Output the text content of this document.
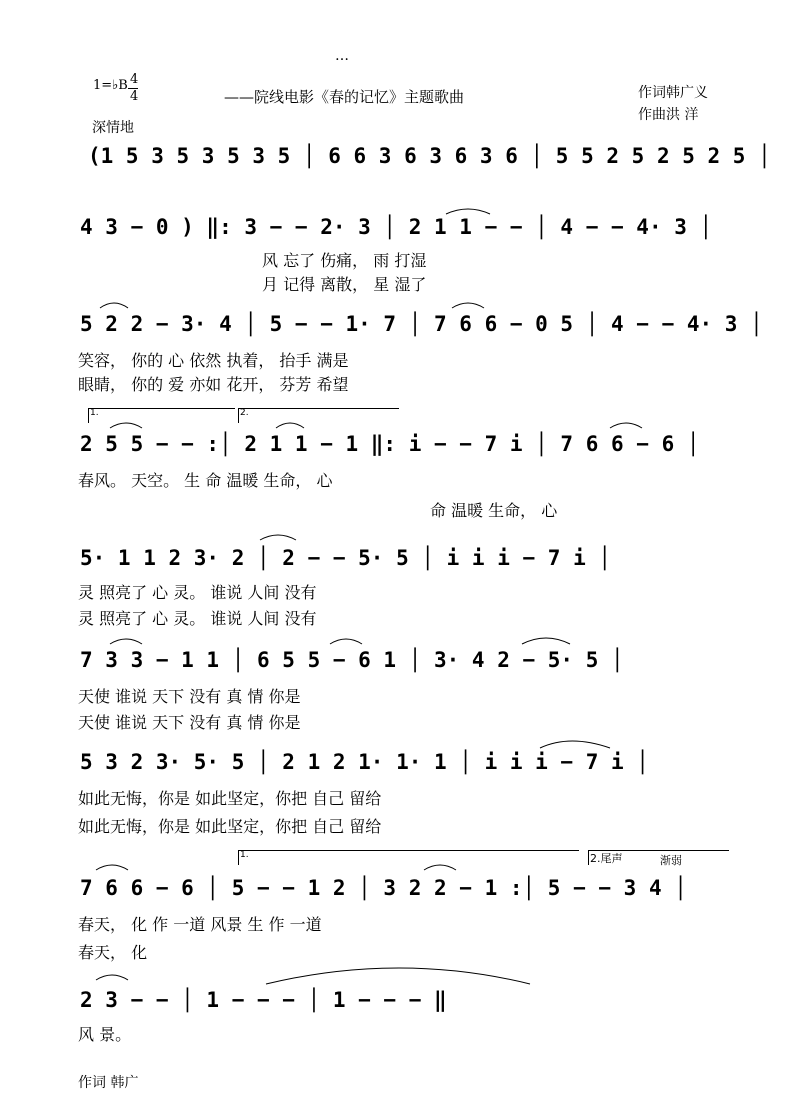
…
1=♭B 4
4	——院线电影《春的记忆》主题歌曲	作词韩广义
作曲洪 洋
深情地
(1 5 3 5 3 5 3 5 │ 6 6 3 6 3 6 3 6 │ 5 5 2 5 2 5 2 5 │
4 3 − 0 ) ‖: 3 − − 2· 3 │ 2 1 1 − − │ 4 − − 4· 3 │
风 忘了 伤痛， 雨 打湿
月 记得 离散， 星 湿了
5 2 2 − 3· 4 │ 5 − − 1· 7 │ 7 6 6 − 0 5 │ 4 − − 4· 3 │
笑容， 你的 心 依然 执着， 抬手 满是
眼睛， 你的 爱 亦如 花开， 芬芳 希望
1.	2.
2 5 5 − − :│ 2 1 1 − 1 ‖: i − − 7 i │ 7 6 6 − 6 │
春风。 天空。 生 命 温暖 生命， 心
命 温暖 生命， 心
5· 1 1 2 3· 2 │ 2 − − 5· 5 │ i i i − 7 i │
灵 照亮了 心 灵。 谁说 人间 没有
灵 照亮了 心 灵。 谁说 人间 没有
7 3 3 − 1 1 │ 6 5 5 − 6 1 │ 3· 4 2 − 5· 5 │
天使 谁说 天下 没有 真 情 你是
天使 谁说 天下 没有 真 情 你是
5 3 2 3· 5· 5 │ 2 1 2 1· 1· 1 │ i i i − 7 i │
如此无悔，你是 如此坚定，你把 自己 留给
如此无悔，你是 如此坚定，你把 自己 留给
1.	2.尾声	渐弱
7 6 6 − 6 │ 5 − − 1 2 │ 3 2 2 − 1 :│ 5 − − 3 4 │
春天， 化 作 一道 风景 生 作 一道
春天， 化
2 3 − − │ 1 − − − │ 1 − − − ‖
风 景。
作词 韩广
